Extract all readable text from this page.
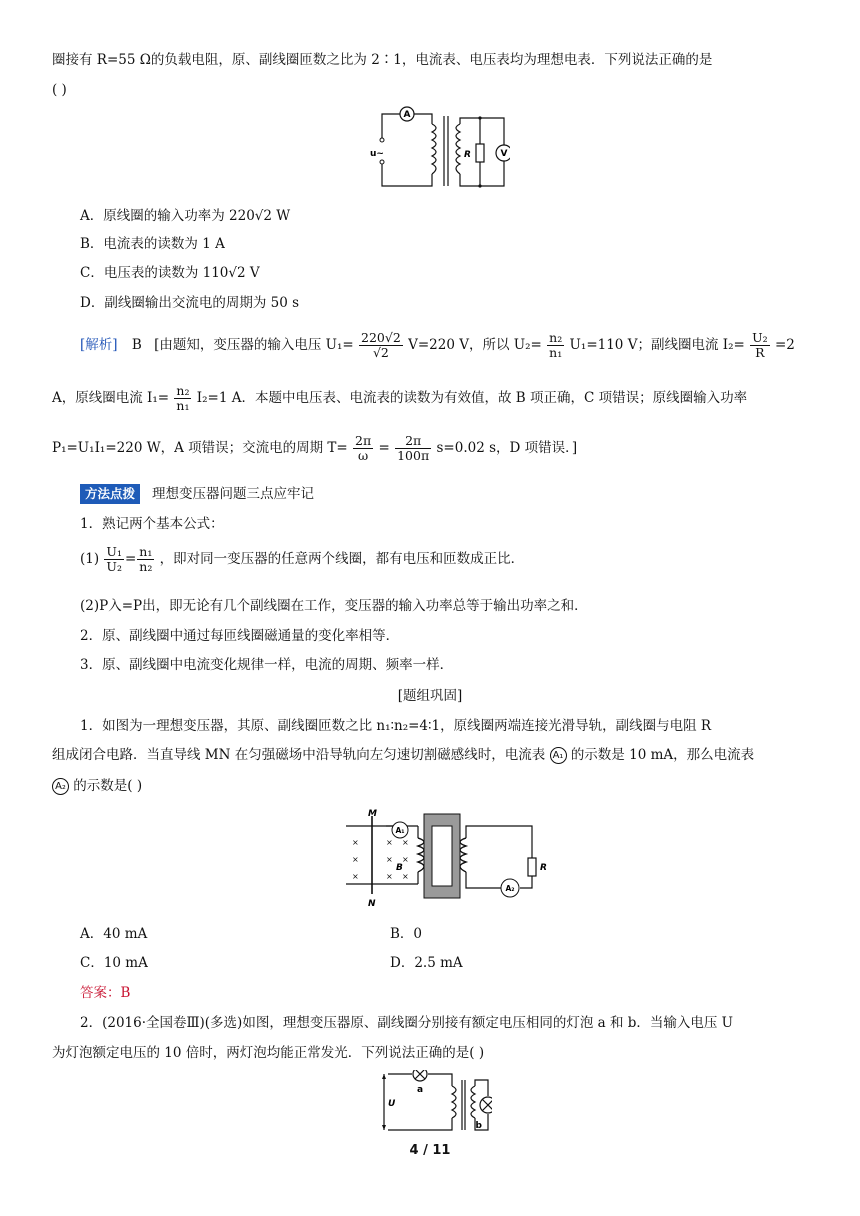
圈接有 R=55 Ω的负载电阻，原、副线圈匝数之比为 2∶1，电流表、电压表均为理想电表．下列说法正确的是
( )
A
V
u~	R
A．原线圈的输入功率为 220√2 W
B．电流表的读数为 1 A
C．电压表的读数为 110√2 V
D．副线圈输出交流电的周期为 50 s
[解析] B [由题知，变压器的输入电压 $U_1= \frac{220√2}{√2} V=220$ V，所以 $U_2= \frac{\text{n₂}}{\text{n₁}} U_1=110$ V；副线圈电流 $I_2= \frac{\text{U₂}}{R} =2$
A，原线圈电流 $I_1= \frac{\text{n₂}}{\text{n₁}} I_2=1$ A．本题中电压表、电流表的读数为有效值，故 B 项正确，C 项错误；原线圈输入功率
P₁=U₁I₁=220 W，A 项错误；交流电的周期 $T= \frac{2\pi}{\omega} = \frac{2\pi}{100\pi} s=0.02$ s，D 项错误．]
方法点拨 理想变压器问题三点应牢记
1．熟记两个基本公式：
$(1) \frac{\text{U₁}}{\text{U₂}} = \frac{\text{n₁}}{\text{n₂}}$ ，即对同一变压器的任意两个线圈，都有电压和匝数成正比．
(2)P入=P出，即无论有几个副线圈在工作，变压器的输入功率总等于输出功率之和．
2．原、副线圈中通过每匝线圈磁通量的变化率相等．
3．原、副线圈中电流变化规律一样，电流的周期、频率一样．
[题组巩固]
1．如图为一理想变压器，其原、副线圈匝数之比 n₁∶n₂=4∶1，原线圈两端连接光滑导轨，副线圈与电阻 R
组成闭合电路．当直导线 MN 在匀强磁场中沿导轨向左匀速切割磁感线时，电流表 A₁ 的示数是 10 mA，那么电流表
A₂ 的示数是( )
×	× ×
×	× ×
×	× ×
M
N
B	R
A₁
A₂
A．40 mA	B．0
C．10 mA	D．2.5 mA
答案：B
2．(2016·全国卷Ⅲ)(多选)如图，理想变压器原、副线圈分别接有额定电压相同的灯泡 a 和 b．当输入电压 U
为灯泡额定电压的 10 倍时，两灯泡均能正常发光．下列说法正确的是( )
U
a
b
4 / 11
